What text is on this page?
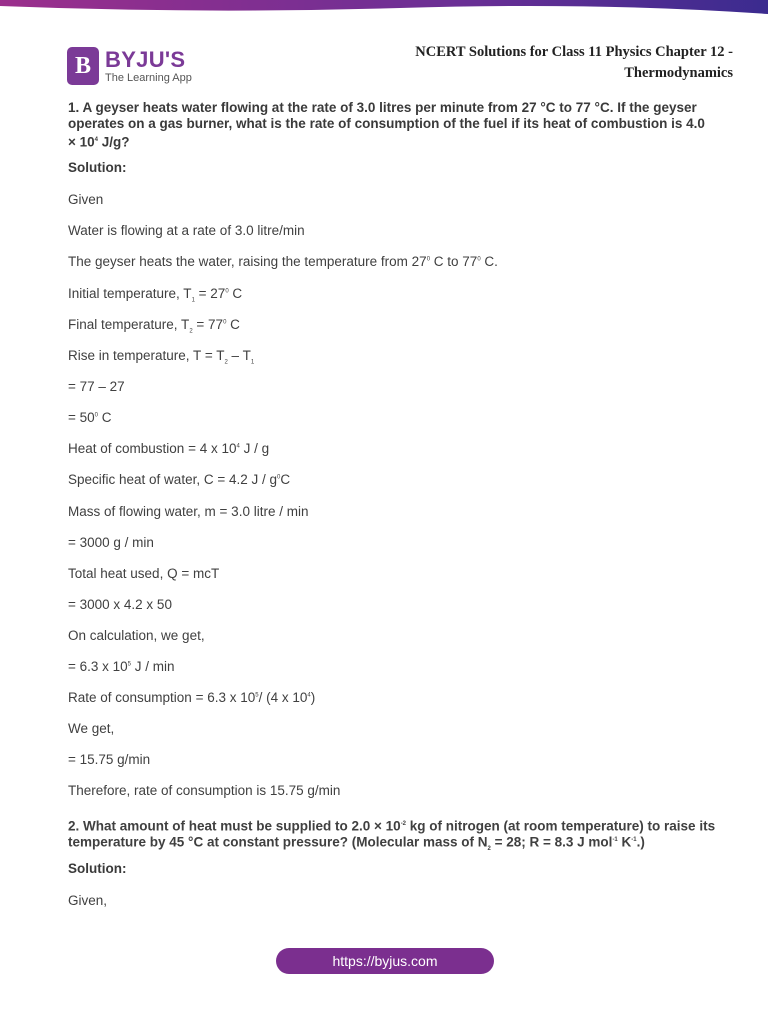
B BYJU'S
The Learning App
NCERT Solutions for Class 11 Physics Chapter 12 -
Thermodynamics
1. A geyser heats water flowing at the rate of 3.0 litres per minute from 27 °C to 77 °C. If the geyser
operates on a gas burner, what is the rate of consumption of the fuel if its heat of combustion is 4.0
× $10^4$ J/g?
Solution:
Given
Water is flowing at a rate of 3.0 litre/min
The geyser heats the water, raising the temperature from $27^0$ C to $77^0$ C.
Initial temperature, $T_1 = 27^0$ C
Final temperature, $T_2 = 77^0$ C
Rise in temperature, $T = T_2 - T_1$
= 77 – 27
= $50^0$ C
Heat of combustion = 4 x $10^4$ J / g
Specific heat of water, C = 4.2 J / $g^0C$
Mass of flowing water, m = 3.0 litre / min
= 3000 g / min
Total heat used, Q = mcT
= 3000 x 4.2 x 50
On calculation, we get,
= 6.3 x $10^5$ J / min
Rate of consumption = 6.3 x $10^5/$ (4 x $10^4$)
We get,
= 15.75 g/min
Therefore, rate of consumption is 15.75 g/min
2. What amount of heat must be supplied to $2.0 \times 10^{-2}$ kg of nitrogen (at room temperature) to raise its
temperature by 45 °C at constant pressure? (Molecular mass of $N_2 = 28$; R = 8.3 J mol$^{-1}$ $K^{-1}$.)
Solution:
Given,
https://byjus.com
